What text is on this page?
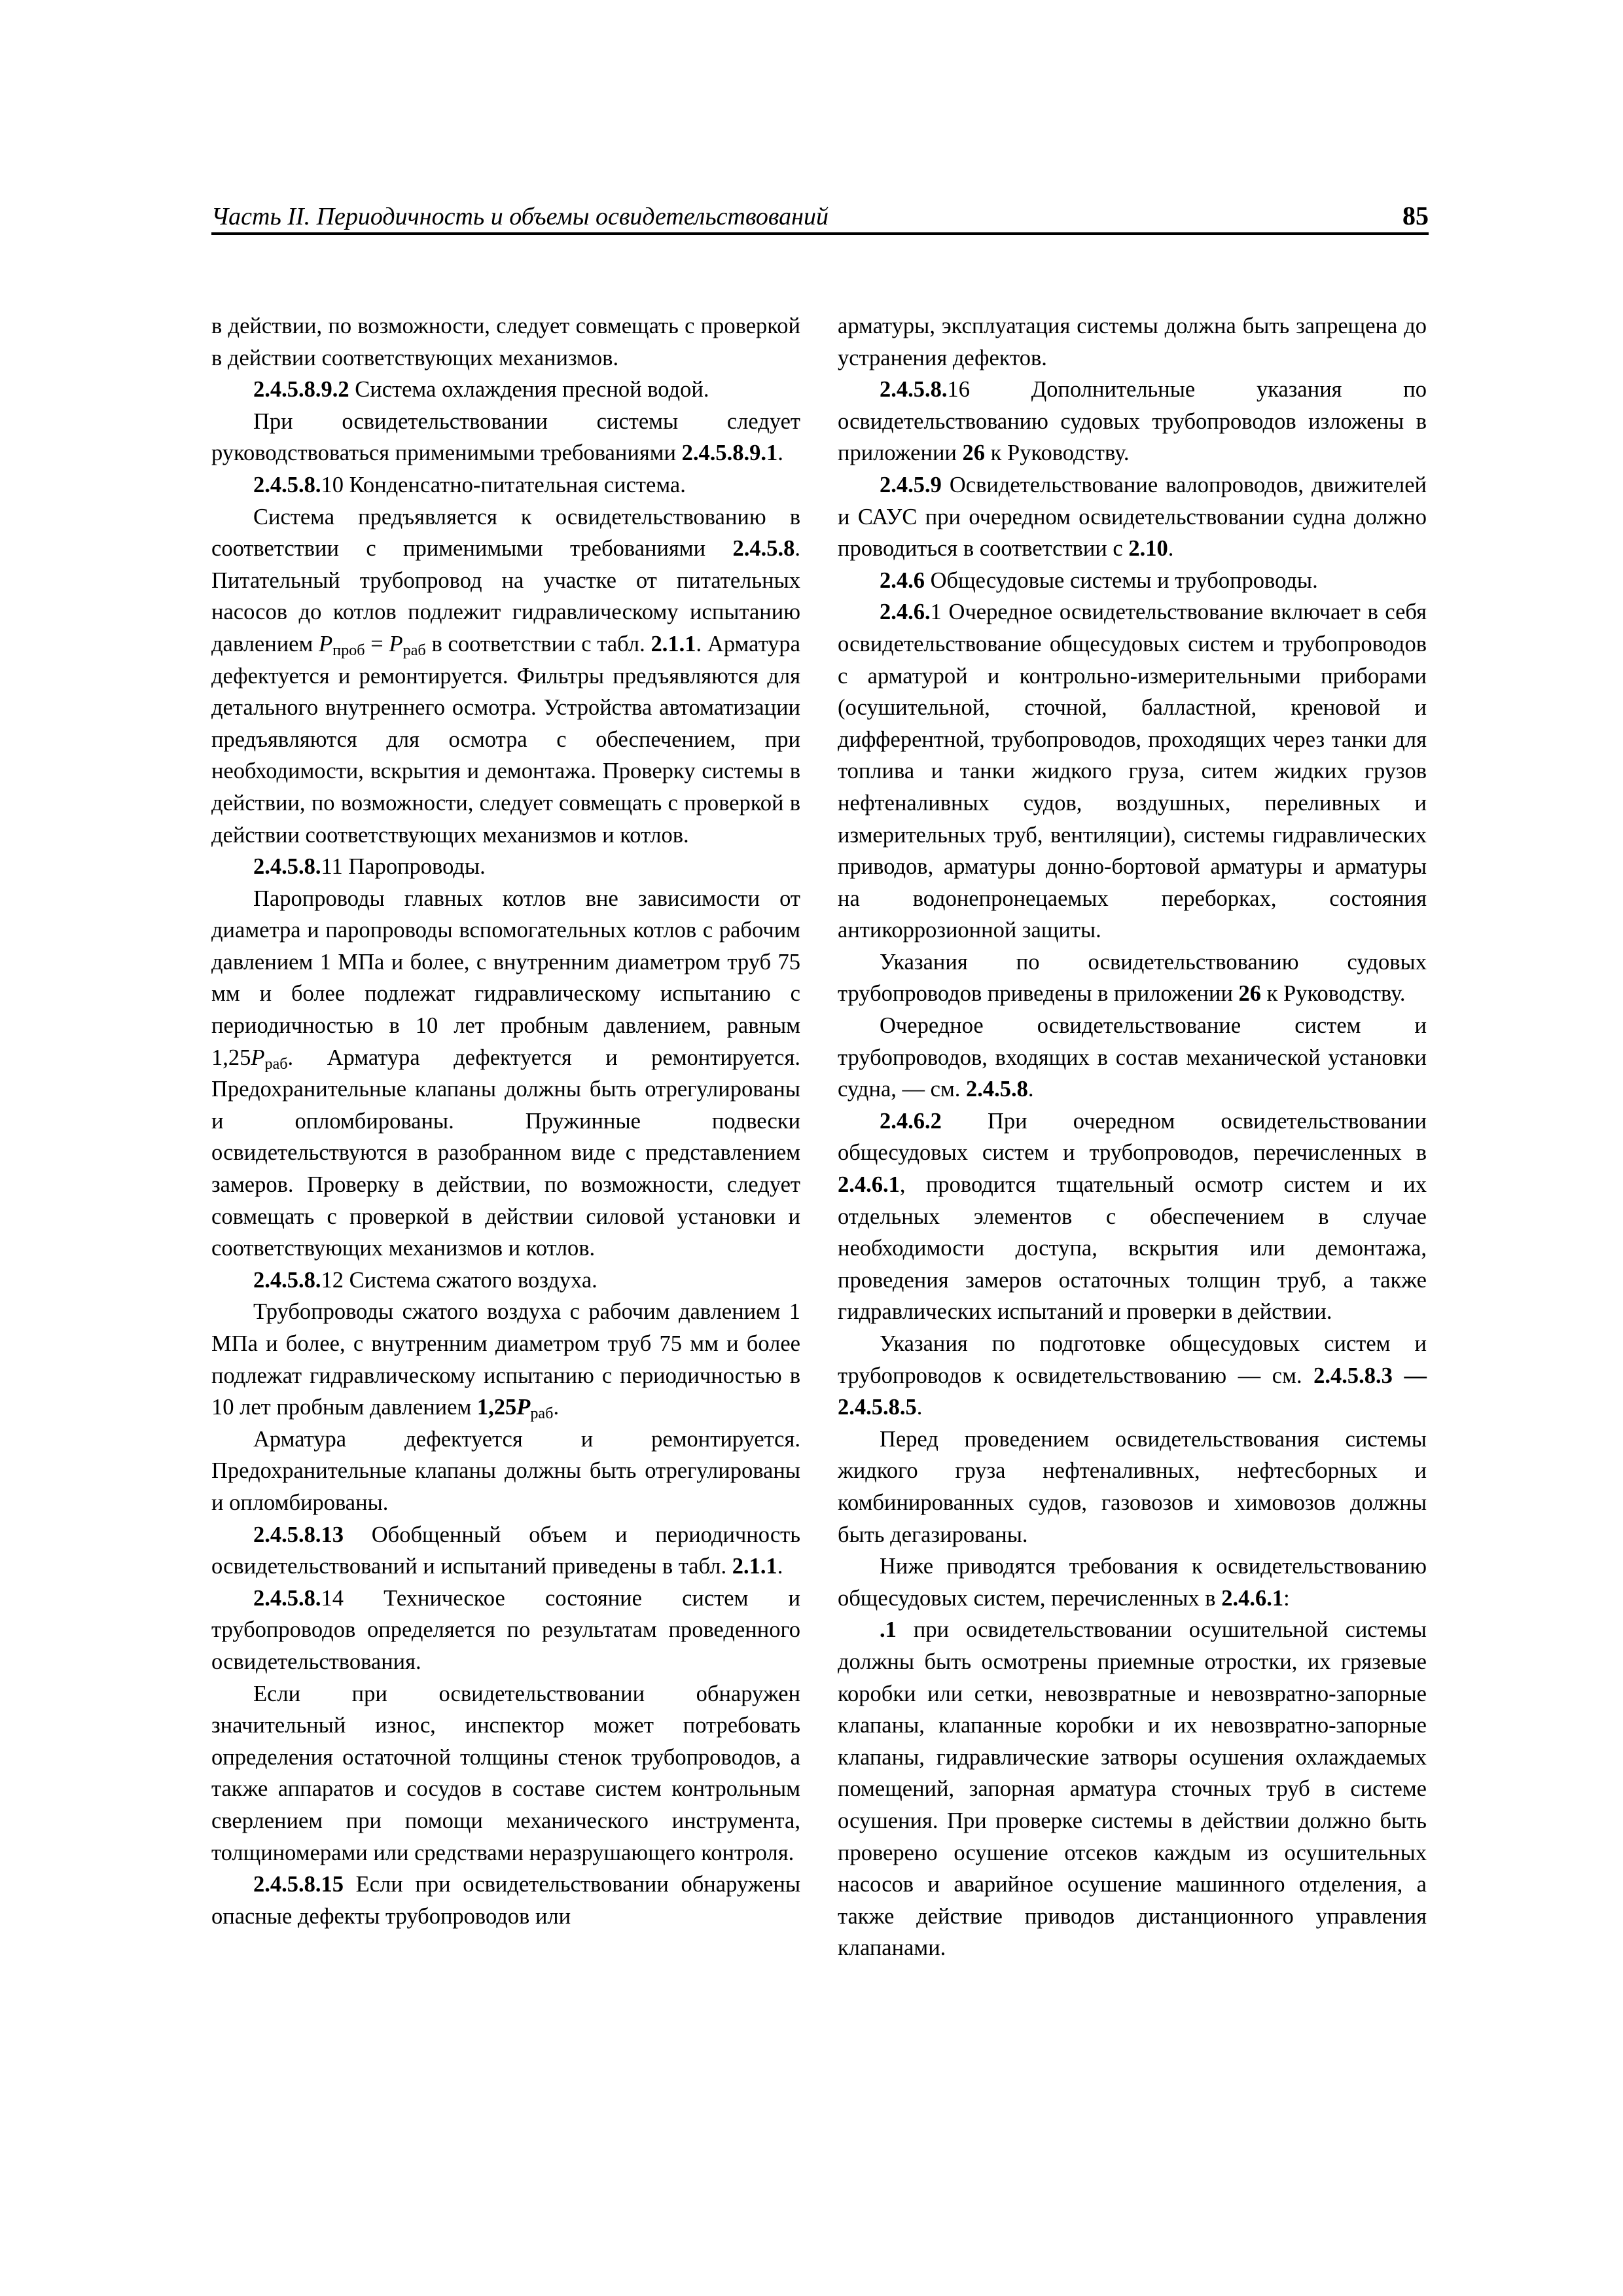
Часть II. Периодичность и объемы освидетельствований	85

в действии, по возможности, следует совмещать с проверкой в действии соответствующих механизмов.

2.4.5.8.9.2 Система охлаждения пресной водой.

При освидетельствовании системы следует руководствоваться применимыми требованиями 2.4.5.8.9.1.

2.4.5.8.10 Конденсатно-питательная система.

Система предъявляется к освидетельствованию в соответствии с применимыми требованиями 2.4.5.8. Питательный трубопровод на участке от питательных насосов до котлов подлежит гидравлическому испытанию давлением $P_{проб} = P_{раб}$ в соответствии с табл. 2.1.1. Арматура дефектуется и ремонтируется. Фильтры предъявляются для детального внутреннего осмотра. Устройства автоматизации предъявляются для осмотра с обеспечением, при необходимости, вскрытия и демонтажа. Проверку системы в действии, по возможности, следует совмещать с проверкой в действии соответствующих механизмов и котлов.

2.4.5.8.11 Паропроводы.

Паропроводы главных котлов вне зависимости от диаметра и паропроводы вспомогательных котлов с рабочим давлением 1 МПа и более, с внутренним диаметром труб 75 мм и более подлежат гидравлическому испытанию с периодичностью в 10 лет пробным давлением, равным $1,25P_{раб}$. Арматура дефектуется и ремонтируется. Предохранительные клапаны должны быть отрегулированы и опломбированы. Пружинные подвески освидетельствуются в разобранном виде с представлением замеров. Проверку в действии, по возможности, следует совмещать с проверкой в действии силовой установки и соответствующих механизмов и котлов.

2.4.5.8.12 Система сжатого воздуха.

Трубопроводы сжатого воздуха с рабочим давлением 1 МПа и более, с внутренним диаметром труб 75 мм и более подлежат гидравлическому испытанию с периодичностью в 10 лет пробным давлением $1,25P_{раб}$.

Арматура дефектуется и ремонтируется. Предохранительные клапаны должны быть отрегулированы и опломбированы.

2.4.5.8.13 Обобщенный объем и периодичность освидетельствований и испытаний приведены в табл. 2.1.1.

2.4.5.8.14 Техническое состояние систем и трубопроводов определяется по результатам проведенного освидетельствования.

Если при освидетельствовании обнаружен значительный износ, инспектор может потребовать определения остаточной толщины стенок трубопроводов, а также аппаратов и сосудов в составе систем контрольным сверлением при помощи механического инструмента, толщиномерами или средствами неразрушающего контроля.

2.4.5.8.15 Если при освидетельствовании обнаружены опасные дефекты трубопроводов или

арматуры, эксплуатация системы должна быть запрещена до устранения дефектов.

2.4.5.8.16 Дополнительные указания по освидетельствованию судовых трубопроводов изложены в приложении 26 к Руководству.

2.4.5.9 Освидетельствование валопроводов, движителей и САУС при очередном освидетельствовании судна должно проводиться в соответствии с 2.10.

2.4.6 Общесудовые системы и трубопроводы.

2.4.6.1 Очередное освидетельствование включает в себя освидетельствование общесудовых систем и трубопроводов с арматурой и контрольно-измерительными приборами (осушительной, сточной, балластной, креновой и дифферентной, трубопроводов, проходящих через танки для топлива и танки жидкого груза, ситем жидких грузов нефтеналивных судов, воздушных, переливных и измерительных труб, вентиляции), системы гидравлических приводов, арматуры донно-бортовой арматуры и арматуры на водонепронецаемых переборках, состояния антикоррозионной защиты.

Указания по освидетельствованию судовых трубопроводов приведены в приложении 26 к Руководству.

Очередное освидетельствование систем и трубопроводов, входящих в состав механической установки судна, — см. 2.4.5.8.

2.4.6.2 При очередном освидетельствовании общесудовых систем и трубопроводов, перечисленных в 2.4.6.1, проводится тщательный осмотр систем и их отдельных элементов с обеспечением в случае необходимости доступа, вскрытия или демонтажа, проведения замеров остаточных толщин труб, а также гидравлических испытаний и проверки в действии.

Указания по подготовке общесудовых систем и трубопроводов к освидетельствованию — см. 2.4.5.8.3 — 2.4.5.8.5.

Перед проведением освидетельствования системы жидкого груза нефтеналивных, нефтесборных и комбинированных судов, газовозов и химовозов должны быть дегазированы.

Ниже приводятся требования к освидетельствованию общесудовых систем, перечисленных в 2.4.6.1:

.1 при освидетельствовании осушительной системы должны быть осмотрены приемные отростки, их грязевые коробки или сетки, невозвратные и невозвратно-запорные клапаны, клапанные коробки и их невозвратно-запорные клапаны, гидравлические затворы осушения охлаждаемых помещений, запорная арматура сточных труб в системе осушения. При проверке системы в действии должно быть проверено осушение отсеков каждым из осушительных насосов и аварийное осушение машинного отделения, а также действие приводов дистанционного управления клапанами.
